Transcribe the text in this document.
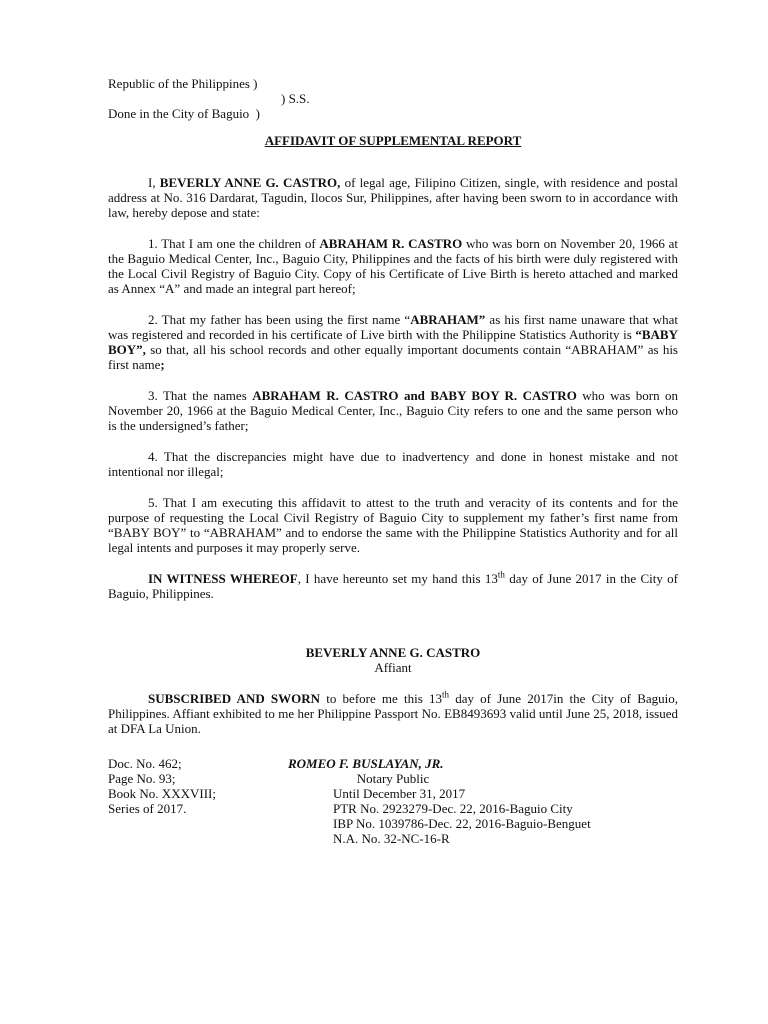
Republic of the Philippines )
) S.S.
Done in the City of Baguio  )
AFFIDAVIT OF SUPPLEMENTAL REPORT

I, BEVERLY ANNE G. CASTRO, of legal age, Filipino Citizen, single, with residence and postal address at No. 316 Dardarat, Tagudin, Ilocos Sur, Philippines, after having been sworn to in accordance with law, hereby depose and state:

1. That I am one the children of ABRAHAM R. CASTRO who was born on November 20, 1966 at the Baguio Medical Center, Inc., Baguio City, Philippines and the facts of his birth were duly registered with the Local Civil Registry of Baguio City. Copy of his Certificate of Live Birth is hereto attached and marked as Annex “A” and made an integral part hereof;

2. That my father has been using the first name “ABRAHAM” as his first name unaware that what was registered and recorded in his certificate of Live birth with the Philippine Statistics Authority is “BABY BOY”, so that, all his school records and other equally important documents contain “ABRAHAM” as his first name;

3. That the names ABRAHAM R. CASTRO and BABY BOY R. CASTRO who was born on November 20, 1966 at the Baguio Medical Center, Inc., Baguio City refers to one and the same person who is the undersigned’s father;

4. That the discrepancies might have due to inadvertency and done in honest mistake and not intentional nor illegal;

5. That I am executing this affidavit to attest to the truth and veracity of its contents and for the purpose of requesting the Local Civil Registry of Baguio City to supplement my father’s first name from “BABY BOY” to “ABRAHAM” and to endorse the same with the Philippine Statistics Authority and for all legal intents and purposes it may properly serve.

IN WITNESS WHEREOF, I have hereunto set my hand this 13th day of June 2017 in the City of Baguio, Philippines.

BEVERLY ANNE G. CASTRO
Affiant

SUBSCRIBED AND SWORN to before me this 13th day of June 2017in the City of Baguio, Philippines. Affiant exhibited to me her Philippine Passport No. EB8493693 valid until June 25, 2018, issued at DFA La Union.

Doc. No. 462;
Page No. 93;
Book No. XXXVIII;
Series of 2017.
ROMEO F. BUSLAYAN, JR.
Notary Public
Until December 31, 2017
PTR No. 2923279-Dec. 22, 2016-Baguio City
IBP No. 1039786-Dec. 22, 2016-Baguio-Benguet
N.A. No. 32-NC-16-R
